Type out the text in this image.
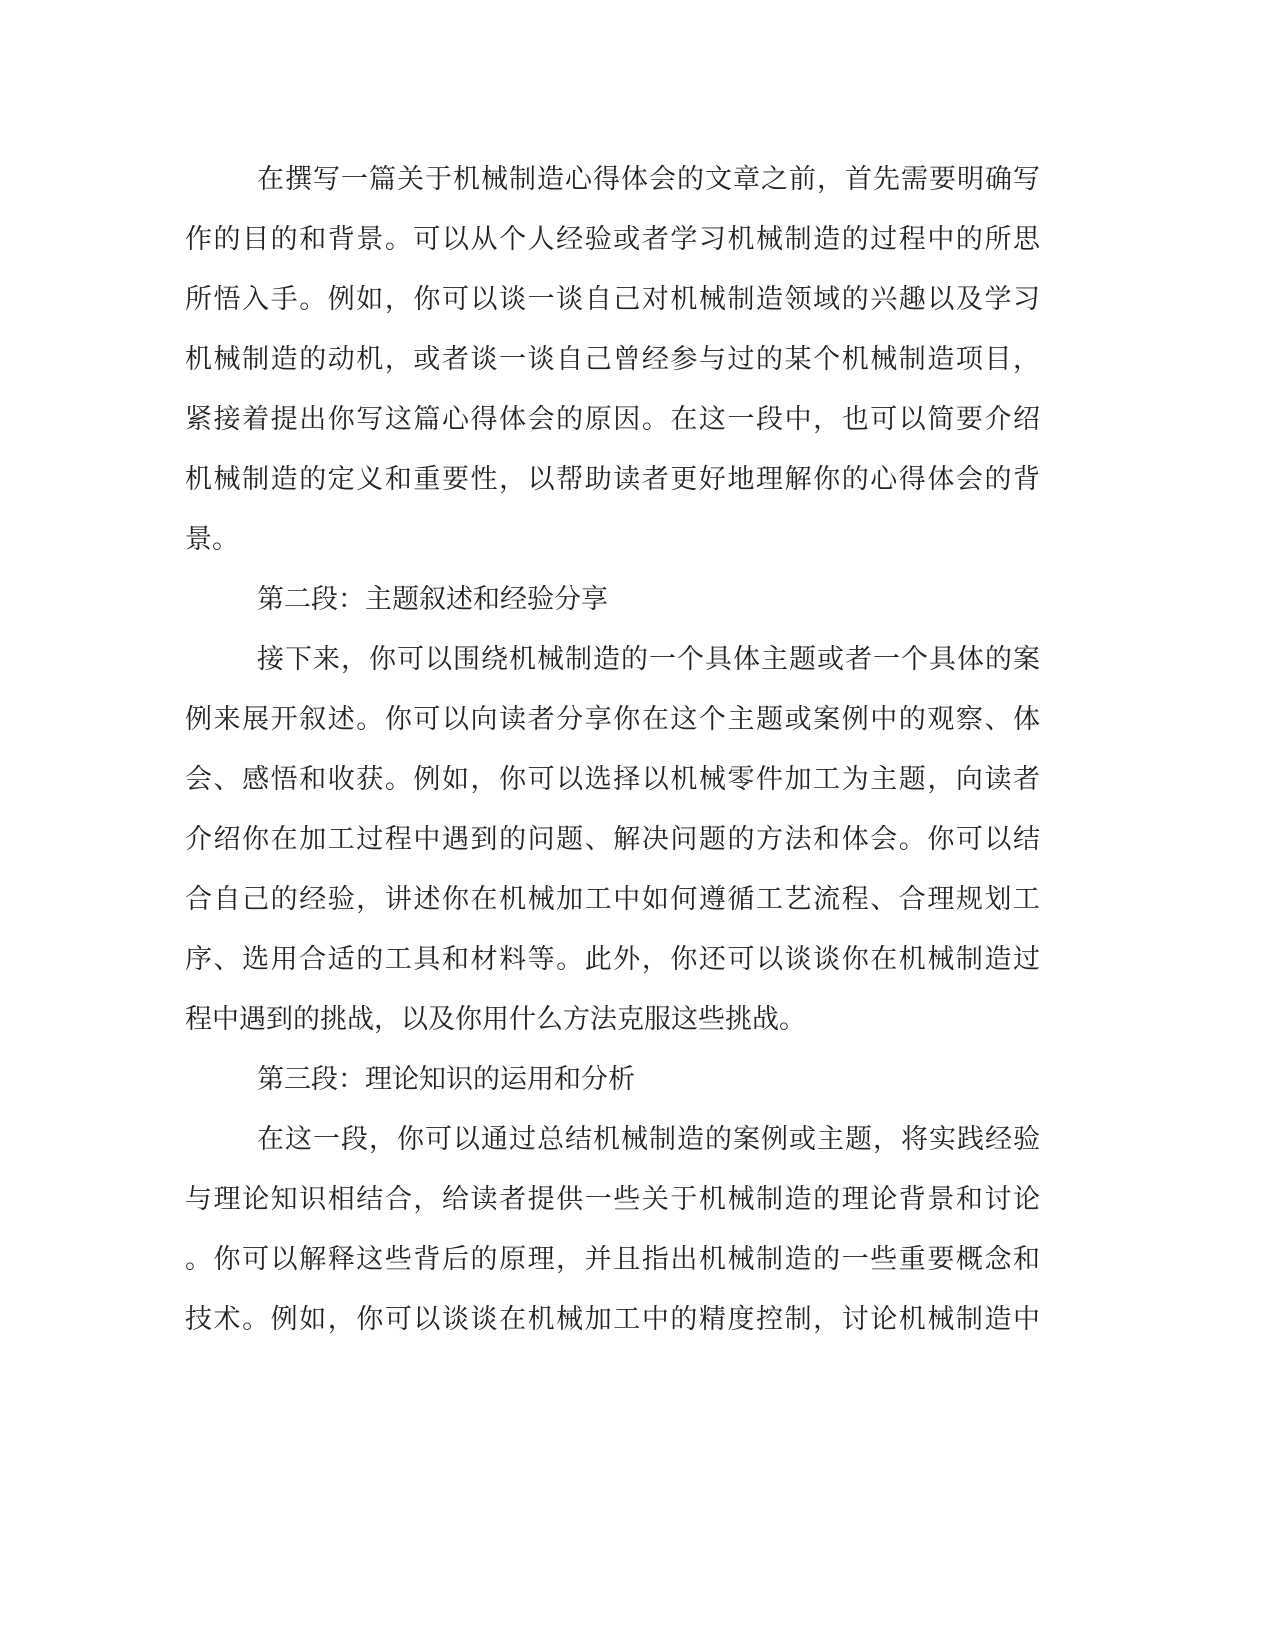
在撰写一篇关于机械制造心得体会的文章之前，首先需要明确写
作的目的和背景。可以从个人经验或者学习机械制造的过程中的所思
所悟入手。例如，你可以谈一谈自己对机械制造领域的兴趣以及学习
机械制造的动机，或者谈一谈自己曾经参与过的某个机械制造项目，
紧接着提出你写这篇心得体会的原因。在这一段中，也可以简要介绍
机械制造的定义和重要性，以帮助读者更好地理解你的心得体会的背
景。
第二段：主题叙述和经验分享
接下来，你可以围绕机械制造的一个具体主题或者一个具体的案
例来展开叙述。你可以向读者分享你在这个主题或案例中的观察、体
会、感悟和收获。例如，你可以选择以机械零件加工为主题，向读者
介绍你在加工过程中遇到的问题、解决问题的方法和体会。你可以结
合自己的经验，讲述你在机械加工中如何遵循工艺流程、合理规划工
序、选用合适的工具和材料等。此外，你还可以谈谈你在机械制造过
程中遇到的挑战，以及你用什么方法克服这些挑战。
第三段：理论知识的运用和分析
在这一段，你可以通过总结机械制造的案例或主题，将实践经验
与理论知识相结合，给读者提供一些关于机械制造的理论背景和讨论
。你可以解释这些背后的原理，并且指出机械制造的一些重要概念和
技术。例如，你可以谈谈在机械加工中的精度控制，讨论机械制造中
